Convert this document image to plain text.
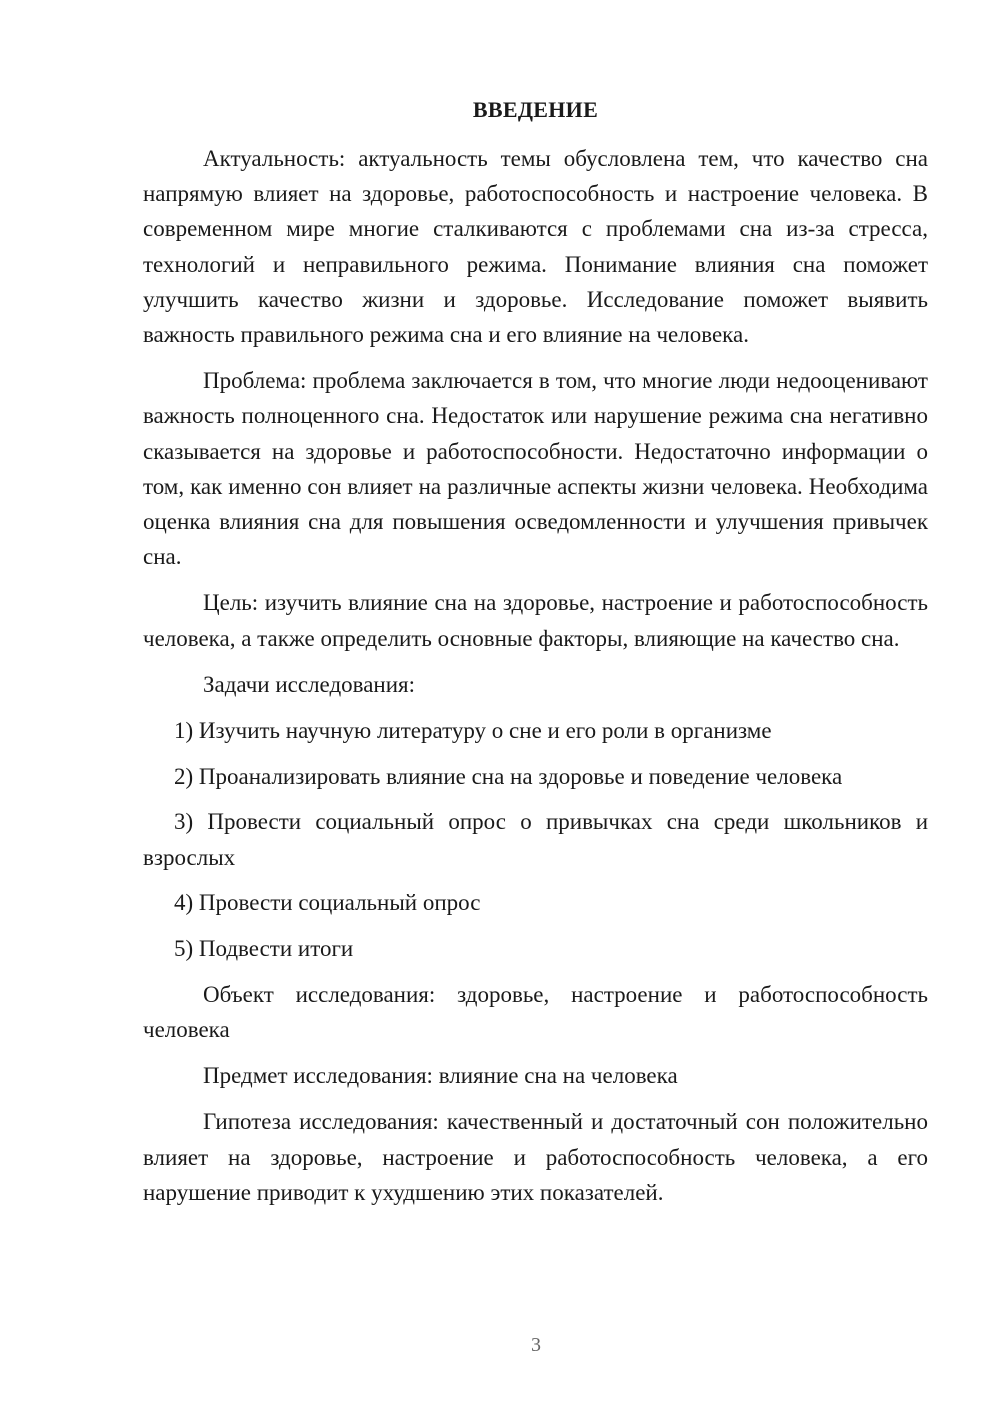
ВВЕДЕНИЕ

Актуальность: актуальность темы обусловлена тем, что качество сна напрямую влияет на здоровье, работоспособность и настроение человека. В современном мире многие сталкиваются с проблемами сна из-за стресса, технологий и неправильного режима. Понимание влияния сна поможет улучшить качество жизни и здоровье. Исследование поможет выявить важность правильного режима сна и его влияние на человека.

Проблема: проблема заключается в том, что многие люди недооценивают важность полноценного сна. Недостаток или нарушение режима сна негативно сказывается на здоровье и работоспособности. Недостаточно информации о том, как именно сон влияет на различные аспекты жизни человека. Необходима оценка влияния сна для повышения осведомленности и улучшения привычек сна.

Цель: изучить влияние сна на здоровье, настроение и работоспособность человека, а также определить основные факторы, влияющие на качество сна.

Задачи исследования:

1) Изучить научную литературу о сне и его роли в организме

2) Проанализировать влияние сна на здоровье и поведение человека

3) Провести социальный опрос о привычках сна среди школьников и взрослых

4) Провести социальный опрос

5) Подвести итоги

Объект исследования: здоровье, настроение и работоспособность человека

Предмет исследования: влияние сна на человека

Гипотеза исследования: качественный и достаточный сон положительно влияет на здоровье, настроение и работоспособность человека, а его нарушение приводит к ухудшению этих показателей.

3
